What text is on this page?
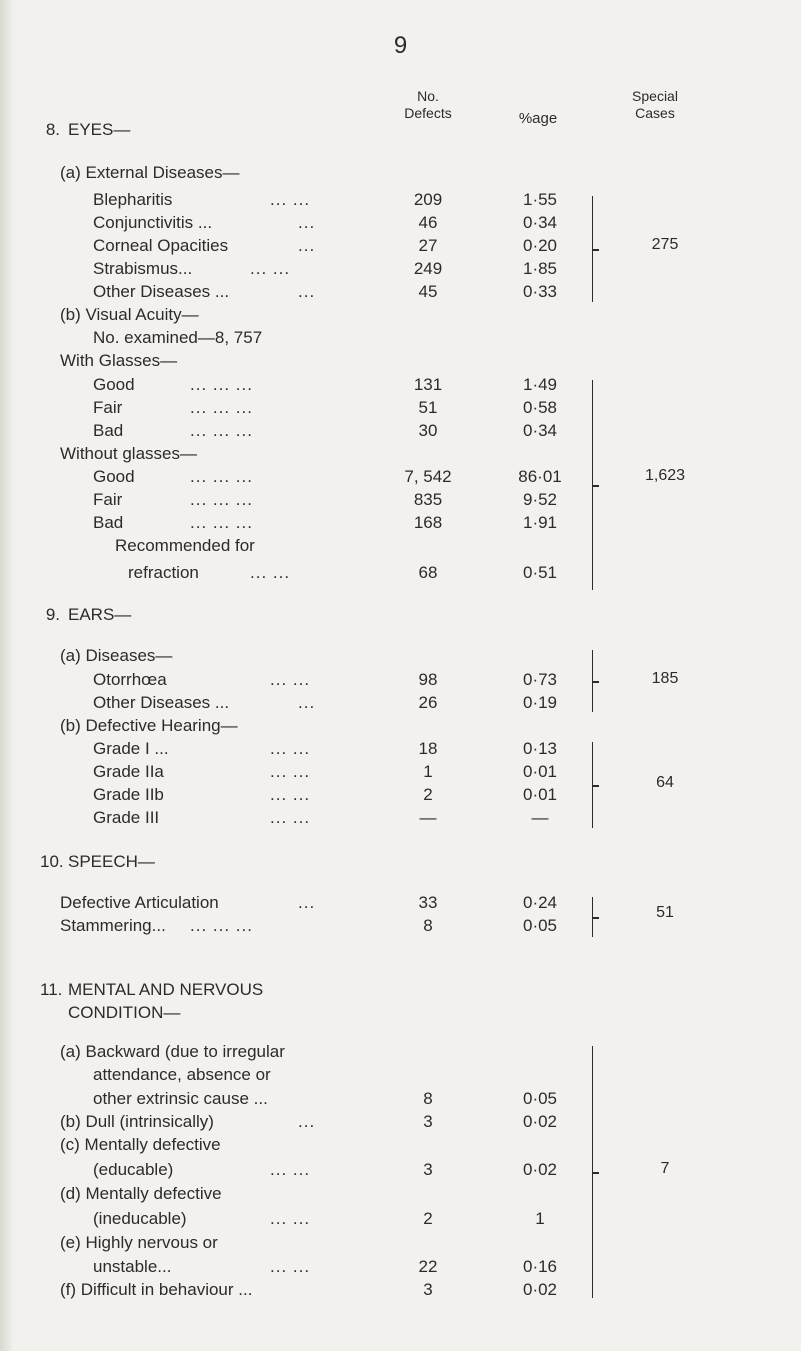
9
No.
Defects	%age
Special
Cases
8. EYES—
(a) External Diseases—
Blepharitis	... ...	209	1·55
Conjunctivitis ...	...	46	0·34
Corneal Opacities	...	27	0·20
Strabismus...	... ...	249	1·85
Other Diseases ...	...	45	0·33
275
(b) Visual Acuity—
No. examined—8, 757
With Glasses—
Good	... ... ...	131	1·49
Fair	... ... ...	51	0·58
Bad	... ... ...	30	0·34
Without glasses—
Good	... ... ...	7, 542	86·01
Fair	... ... ...	835	9·52
Bad	... ... ...	168	1·91
Recommended for
refraction	... ...	68	0·51
1,623
9. EARS—
(a) Diseases—
Otorrhœa	... ...	98	0·73
Other Diseases ...	...	26	0·19
185
(b) Defective Hearing—
Grade I ...	... ...	18	0·13
Grade IIa	... ...	1	0·01
Grade IIb	... ...	2	0·01
Grade III	... ...	—	—
64
10. SPEECH—
Defective Articulation	...	33	0·24
Stammering... ... ... ...	8	0·05
51
11. MENTAL AND NERVOUS
CONDITION—
(a) Backward (due to irregular
attendance, absence or
other extrinsic cause ...	8	0·05
(b) Dull (intrinsically)	...	3	0·02
(c) Mentally defective
(educable)	... ...	3	0·02
(d) Mentally defective
(ineducable)	... ...	2	1
(e) Highly nervous or
unstable...	... ...	22	0·16
(f) Difficult in behaviour ...	3	0·02
7
